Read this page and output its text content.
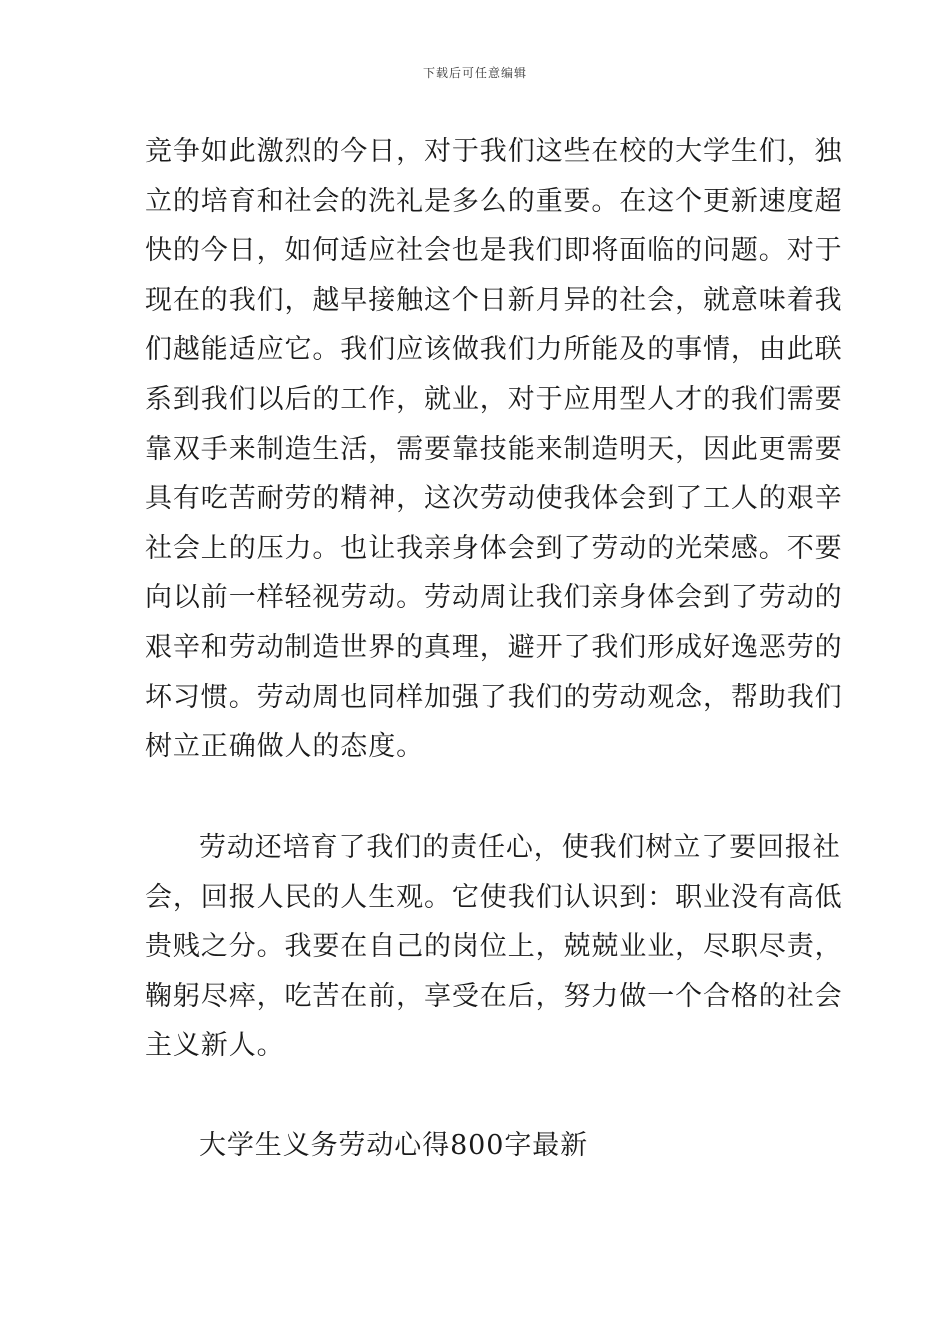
下载后可任意编辑
竞争如此激烈的今日，对于我们这些在校的大学生们，独
立的培育和社会的洗礼是多么的重要。在这个更新速度超
快的今日，如何适应社会也是我们即将面临的问题。对于
现在的我们，越早接触这个日新月异的社会，就意味着我
们越能适应它。我们应该做我们力所能及的事情，由此联
系到我们以后的工作，就业，对于应用型人才的我们需要
靠双手来制造生活，需要靠技能来制造明天，因此更需要
具有吃苦耐劳的精神，这次劳动使我体会到了工人的艰辛
社会上的压力。也让我亲身体会到了劳动的光荣感。不要
向以前一样轻视劳动。劳动周让我们亲身体会到了劳动的
艰辛和劳动制造世界的真理，避开了我们形成好逸恶劳的
坏习惯。劳动周也同样加强了我们的劳动观念，帮助我们
树立正确做人的态度。
劳动还培育了我们的责任心，使我们树立了要回报社
会，回报人民的人生观。它使我们认识到：职业没有高低
贵贱之分。我要在自己的岗位上，兢兢业业，尽职尽责，
鞠躬尽瘁，吃苦在前，享受在后，努力做一个合格的社会
主义新人。
大学生义务劳动心得800字最新
